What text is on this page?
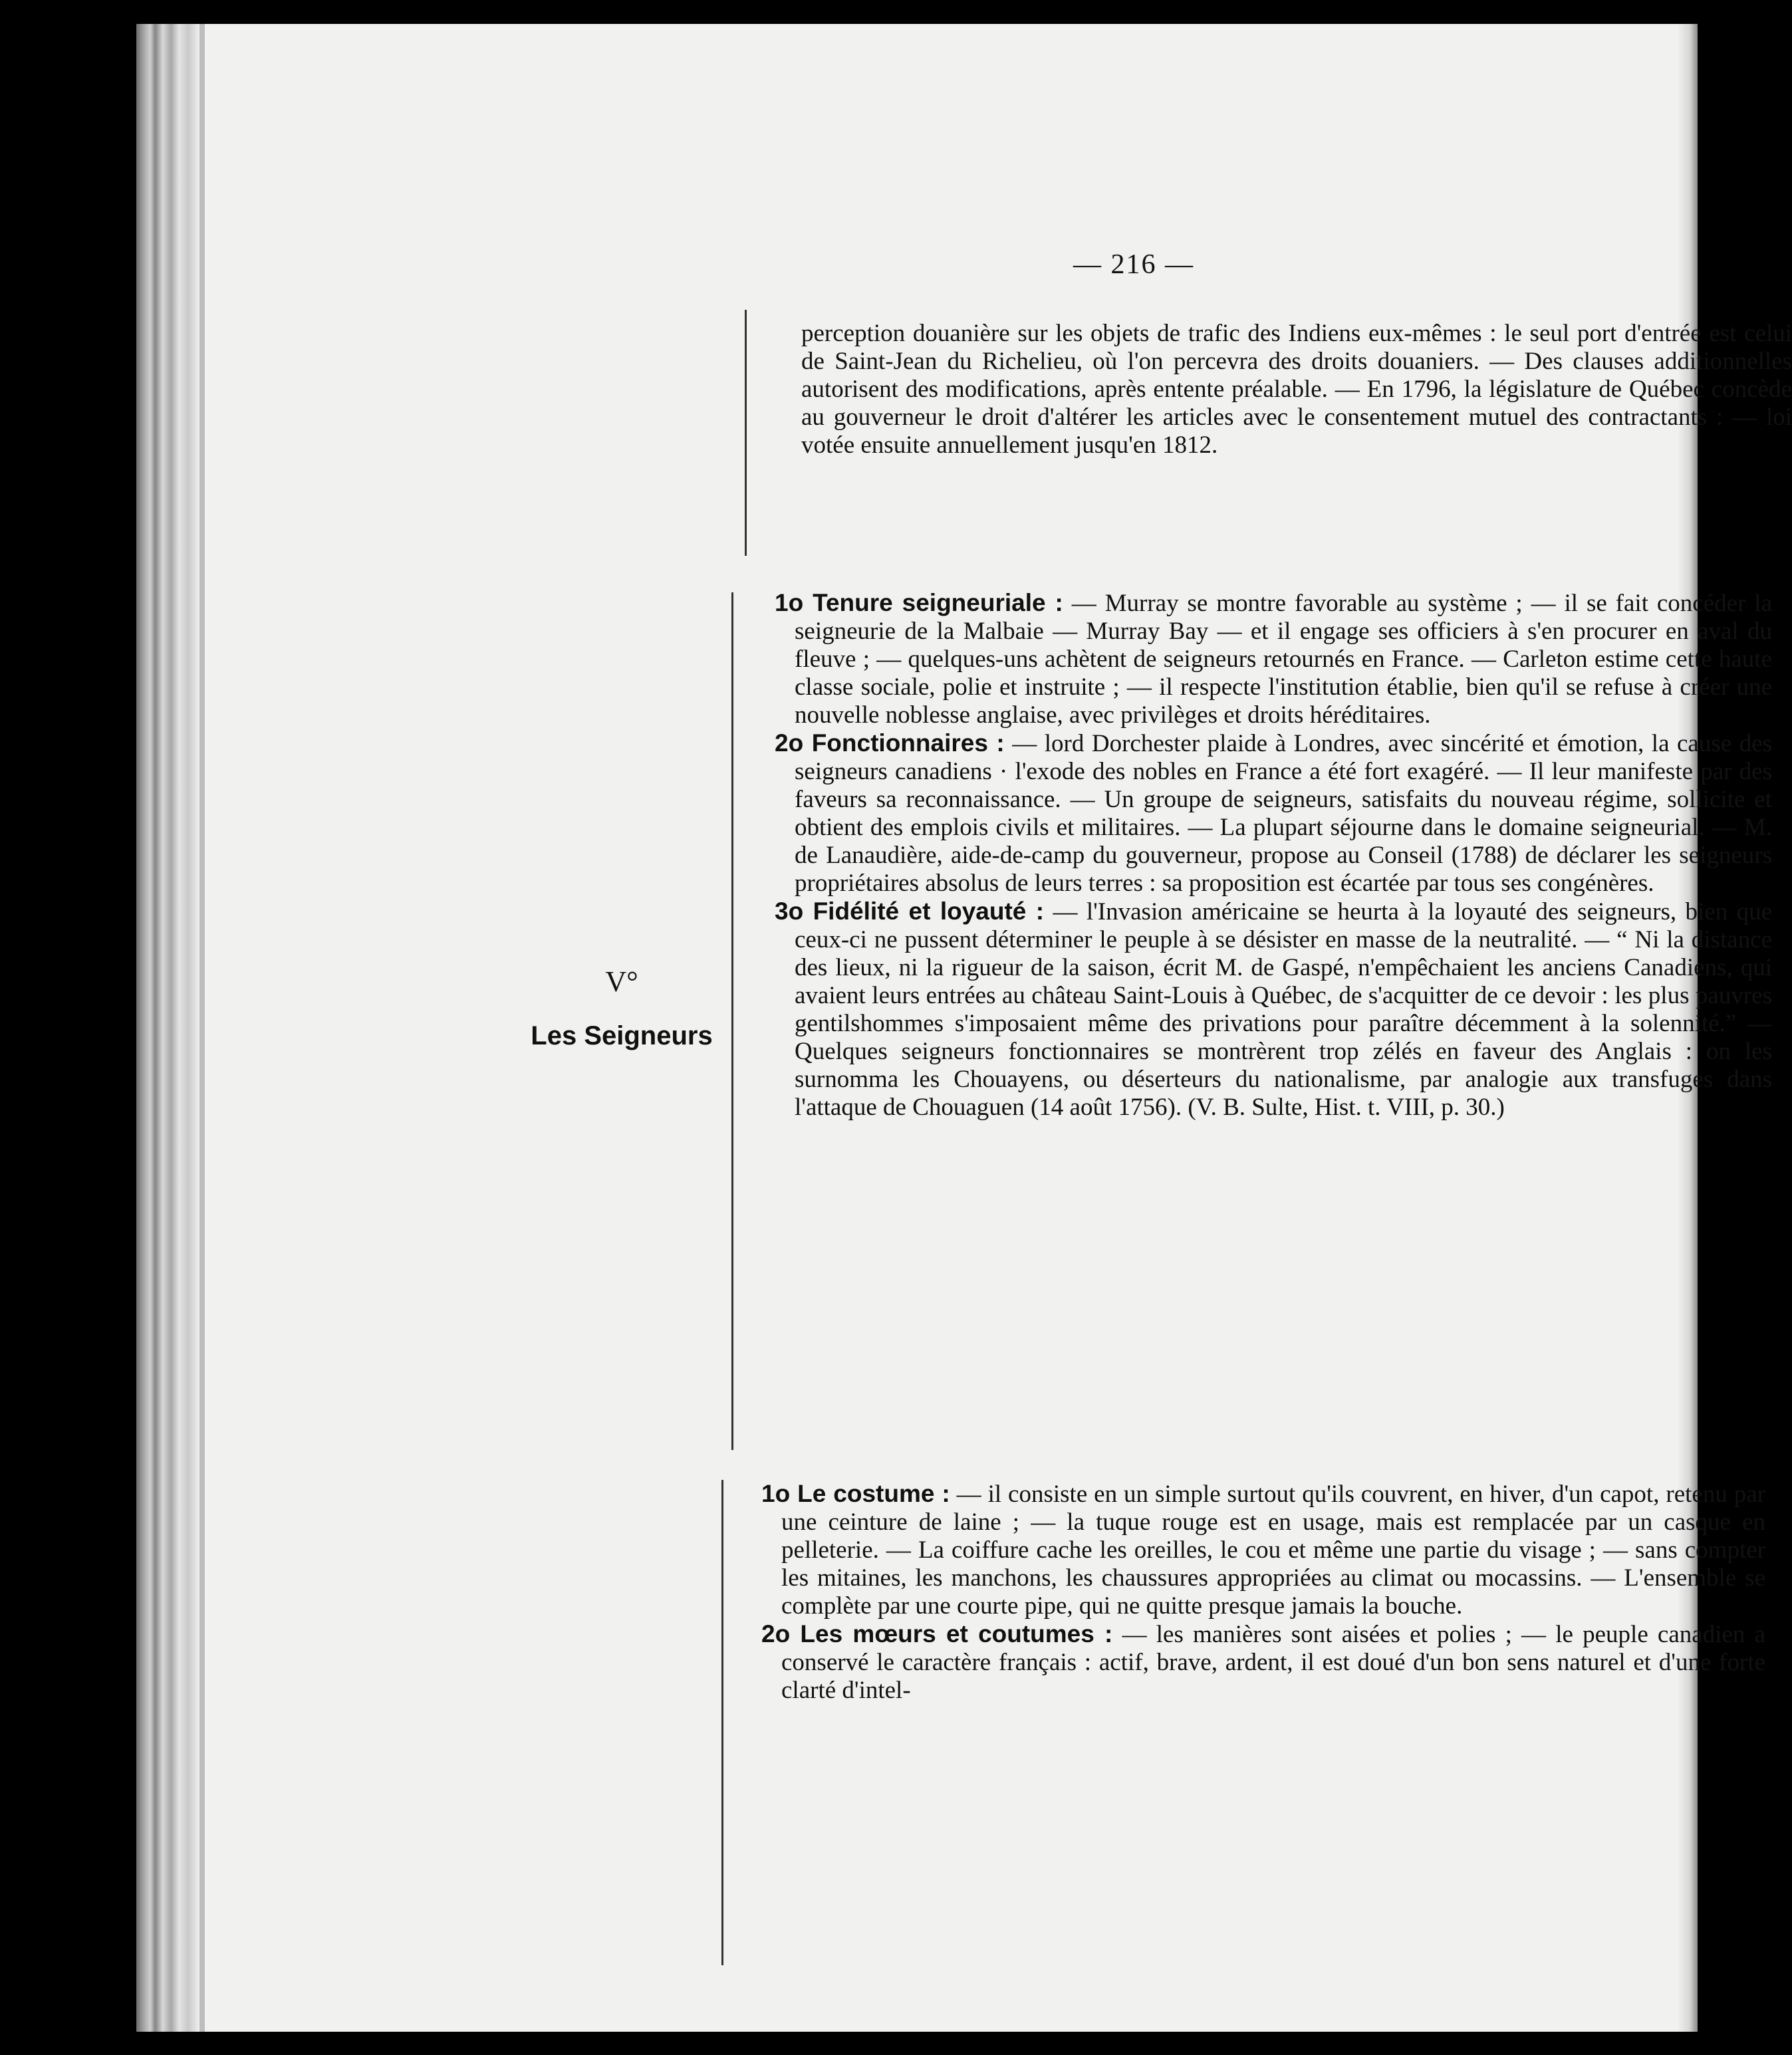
— 216 —

perception douanière sur les objets de trafic des Indiens eux-mêmes : le seul port d'entrée est celui de Saint-Jean du Richelieu, où l'on percevra des droits douaniers. — Des clauses additionnelles autorisent des modifications, après entente préalable. — En 1796, la législature de Québec concède au gouverneur le droit d'altérer les articles avec le consentement mutuel des contractants : — loi votée ensuite annuellement jusqu'en 1812.

V°
Les Seigneurs

1o Tenure seigneuriale : — Murray se montre favorable au système ; — il se fait concéder la seigneurie de la Malbaie — Murray Bay — et il engage ses officiers à s'en procurer en aval du fleuve ; — quelques-uns achètent de seigneurs retournés en France. — Carleton estime cette haute classe sociale, polie et instruite ; — il respecte l'institution établie, bien qu'il se refuse à créer une nouvelle noblesse anglaise, avec privilèges et droits héréditaires.

2o Fonctionnaires : — lord Dorchester plaide à Londres, avec sincérité et émotion, la cause des seigneurs canadiens · l'exode des nobles en France a été fort exagéré. — Il leur manifeste par des faveurs sa reconnaissance. — Un groupe de seigneurs, satisfaits du nouveau régime, sollicite et obtient des emplois civils et militaires. — La plupart séjourne dans le domaine seigneurial. — M. de Lanaudière, aide-de-camp du gouverneur, propose au Conseil (1788) de déclarer les seigneurs propriétaires absolus de leurs terres : sa proposition est écartée par tous ses congénères.

3o Fidélité et loyauté : — l'Invasion américaine se heurta à la loyauté des seigneurs, bien que ceux-ci ne pussent déterminer le peuple à se désister en masse de la neutralité. — “ Ni la distance des lieux, ni la rigueur de la saison, écrit M. de Gaspé, n'empêchaient les anciens Canadiens, qui avaient leurs entrées au château Saint-Louis à Québec, de s'acquitter de ce devoir : les plus pauvres gentilshommes s'imposaient même des privations pour paraître décemment à la solennité.” — Quelques seigneurs fonctionnaires se montrèrent trop zélés en faveur des Anglais : on les surnomma les Chouayens, ou déserteurs du nationalisme, par analogie aux transfuges dans l'attaque de Chouaguen (14 août 1756). (V. B. Sulte, Hist. t. VIII, p. 30.)

1o Le costume : — il consiste en un simple surtout qu'ils couvrent, en hiver, d'un capot, retenu par une ceinture de laine ; — la tuque rouge est en usage, mais est remplacée par un casque en pelleterie. — La coiffure cache les oreilles, le cou et même une partie du visage ; — sans compter les mitaines, les manchons, les chaussures appropriées au climat ou mocassins. — L'ensemble se complète par une courte pipe, qui ne quitte presque jamais la bouche.

2o Les mœurs et coutumes : — les manières sont aisées et polies ; — le peuple canadien a conservé le caractère français : actif, brave, ardent, il est doué d'un bon sens naturel et d'une forte clarté d'intel-
